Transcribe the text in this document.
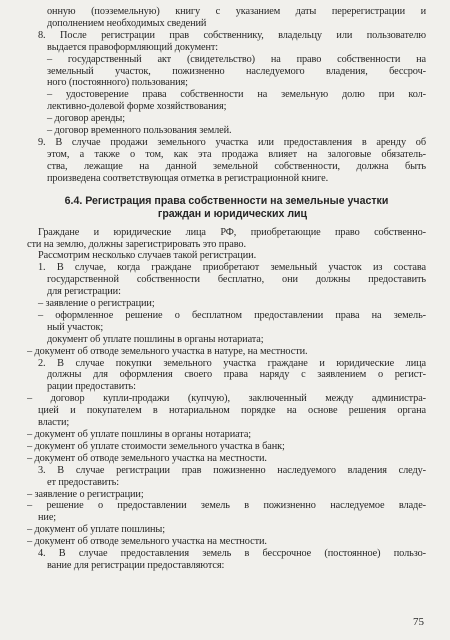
онную (поэземельную) книгу с указанием даты перерегистрации и
дополнением необходимых сведений
8. После регистрации прав собственнику, владельцу или пользователю
выдается правоформляющий документ:
– государственный акт (свидетельство) на право собственности на
земельный участок, пожизненно наследуемого владения, бессроч-
ного (постоянного) пользования;
– удостоверение права собственности на земельную долю при кол-
лективно-долевой форме хозяйствования;
– договор аренды;
– договор временного пользования землей.
9. В случае продажи земельного участка или предоставления в аренду об
этом, а также о том, как эта продажа влияет на залоговые обязатель-
ства, лежащие на данной земельной собственности, должна быть
произведена соответствующая отметка в регистрационной книге.
6.4. Регистрация права собственности на земельные участки
граждан и юридических лиц
Граждане и юридические лица РФ, приобретающие право собственно-
сти на землю, должны зарегистрировать это право.
Рассмотрим несколько случаев такой регистрации.
1. В случае, когда граждане приобретают земельный участок из состава
государственной собственности бесплатно, они должны предоставить
для регистрации:
– заявление о регистрации;
– оформленное решение о бесплатном предоставлении права на земель-
ный участок;
документ об уплате пошлины в органы нотариата;
– документ об отводе земельного участка в натуре, на местности.
2. В случае покупки земельного участка граждане и юридические лица
должны для оформления своего права наряду с заявлением о регист-
рации предоставить:
– договор купли-продажи (купчую), заключенный между администра-
цией и покупателем в нотариальном порядке на основе решения органа
власти;
– документ об уплате пошлины в органы нотариата;
– документ об уплате стоимости земельного участка в банк;
– документ об отводе земельного участка на местности.
3. В случае регистрации прав пожизненно наследуемого владения следу-
ет предоставить:
– заявление о регистрации;
– решение о предоставлении земель в пожизненно наследуемое владе-
ние;
– документ об уплате пошлины;
– документ об отводе земельного участка на местности.
4. В случае предоставления земель в бессрочное (постоянное) пользо-
вание для регистрации предоставляются:
75
